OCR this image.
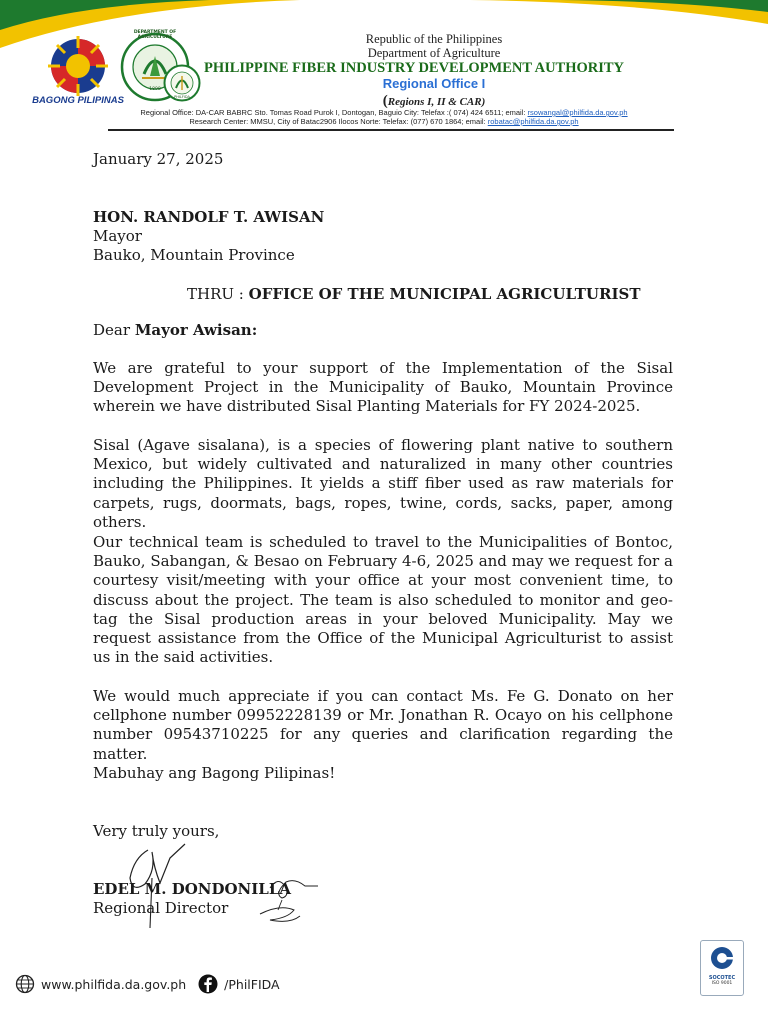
BAGONG PILIPINAS
DEPARTMENT OF AGRICULTURE
1898
PHILFIDA
Republic of the Philippines
Department of Agriculture
PHILIPPINE FIBER INDUSTRY DEVELOPMENT AUTHORITY
Regional Office I
(Regions I, II & CAR)
Regional Office: DA-CAR BABRC Sto. Tomas Road Purok I, Dontogan, Baguio City: Telefax :( 074) 424 6511; email: rsowangal@philfida.da.gov.ph
Research Center: MMSU, City of Batac2906 Ilocos Norte: Telefax: (077) 670 1864; email: robatac@philfida.da.gov.ph
January 27, 2025
HON. RANDOLF T. AWISAN
Mayor
Bauko, Mountain Province
THRU : OFFICE OF THE MUNICIPAL AGRICULTURIST
Dear Mayor Awisan:
We are grateful to your support of the Implementation of the Sisal Development Project in the Municipality of Bauko, Mountain Province wherein we have distributed Sisal Planting Materials for FY 2024-2025.
Sisal (Agave sisalana), is a species of flowering plant native to southern Mexico, but widely cultivated and naturalized in many other countries including the Philippines. It yields a stiff fiber used as raw materials for carpets, rugs, doormats, bags, ropes, twine, cords, sacks, paper, among others.
Our technical team is scheduled to travel to the Municipalities of Bontoc, Bauko, Sabangan, & Besao on February 4-6, 2025 and may we request for a courtesy visit/meeting with your office at your most convenient time, to discuss about the project. The team is also scheduled to monitor and geo-tag the Sisal production areas in your beloved Municipality. May we request assistance from the Office of the Municipal Agriculturist to assist us in the said activities.
We would much appreciate if you can contact Ms. Fe G. Donato on her cellphone number 09952228139 or Mr. Jonathan R. Ocayo on his cellphone number 09543710225 for any queries and clarification regarding the matter.
Mabuhay ang Bagong Pilipinas!
Very truly yours,
EDEL M. DONDONILLA
Regional Director
www.philfida.da.gov.ph	/PhilFIDA	SOCOTEC
ISO 9001
